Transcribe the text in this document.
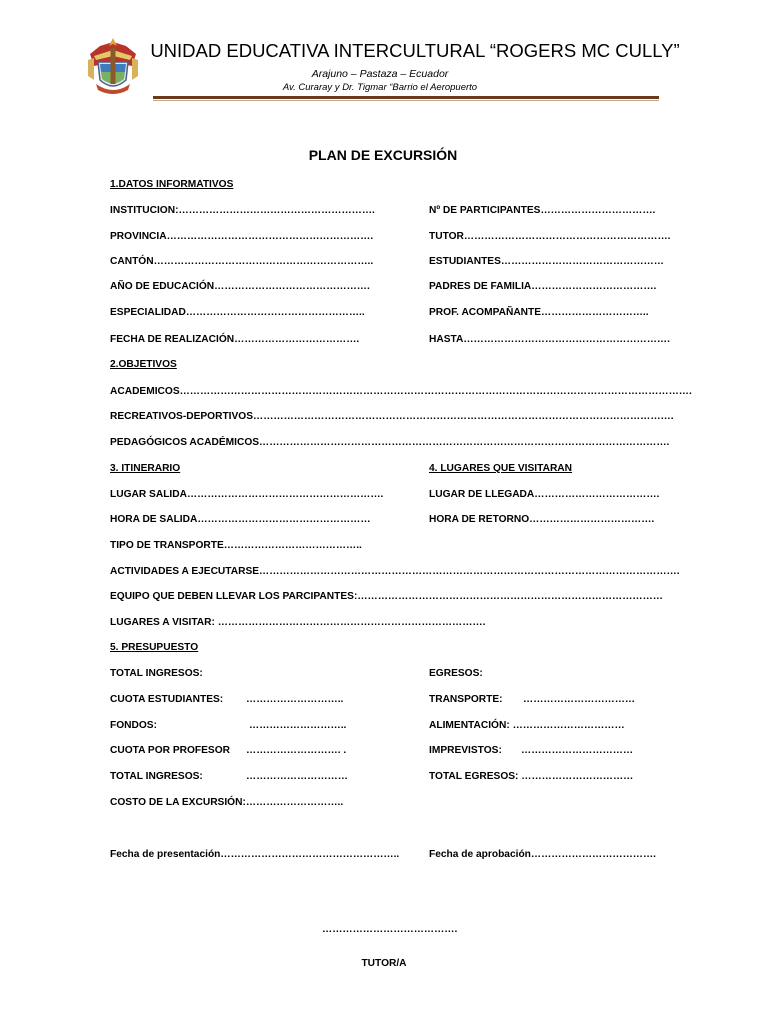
UNIDAD EDUCATIVA INTERCULTURAL “ROGERS MC CULLY”
Arajuno – Pastaza – Ecuador
Av. Curaray y Dr. Tigmar “Barrio el Aeropuerto
PLAN DE EXCURSIÓN
1.DATOS INFORMATIVOS
INSTITUCION:………………………………………………….	Nº DE PARTICIPANTES…………………………….
PROVINCIA…………………………………………………….	TUTOR…………………………………………………….
CANTÓN………………………………………………………..	ESTUDIANTES…………………………………………
AÑO DE EDUCACIÓN……………………………………….	PADRES DE FAMILIA……………………………….
ESPECIALIDAD……………………………………………..	PROF. ACOMPAÑANTE…………………………..
FECHA DE REALIZACIÓN……………………………….	HASTA…………………………………………………….
2.OBJETIVOS
ACADEMICOS…………………………………………………………………………………………………………………………………….
RECREATIVOS-DEPORTIVOS…………………………………………………………………………………………………………….
PEDAGÓGICOS ACADÉMICOS………………………………………………………………………………………………………….
3. ITINERARIO	4. LUGARES QUE VISITARAN
LUGAR SALIDA………………………………………………….	LUGAR DE LLEGADA……………………………….
HORA DE SALIDA……………………………………………	HORA DE RETORNO……………………………….
TIPO DE TRANSPORTE…………………………………..
ACTIVIDADES A EJECUTARSE…………………………………………………………………………………………………………….
EQUIPO QUE DEBEN LLEVAR LOS PARCIPANTES:………………………………………………………………………………
LUGARES A VISITAR: …………………………………………………………………….
5. PRESUPUESTO
TOTAL INGRESOS:	EGRESOS:
CUOTA ESTUDIANTES: ………………………..	TRANSPORTE: ……………………………
FONDOS:	………………………..	ALIMENTACIÓN: ……………………………
CUOTA POR PROFESOR ………………………. .	IMPREVISTOS: ……………………………
TOTAL INGRESOS:	…………………………	TOTAL EGRESOS: ……………………………
COSTO DE LA EXCURSIÓN:………………………..
Fecha de presentación……………………………………………..	Fecha de aprobación……………………………….
………………………………….
TUTOR/A
